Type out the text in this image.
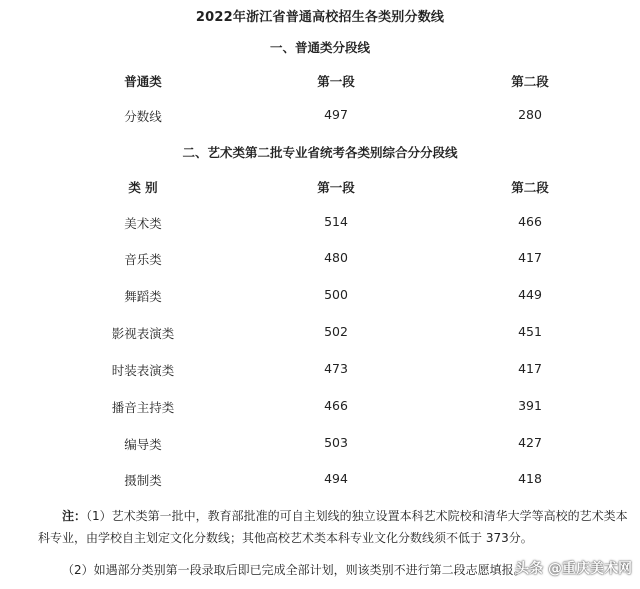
2022年浙江省普通高校招生各类别分数线
一、普通类分段线
普通类	第一段	第二段
分数线	497	280
二、艺术类第二批专业省统考各类别综合分分段线
类 别	第一段	第二段
美术类	514	466
音乐类	480	417
舞蹈类	500	449
影视表演类	502	451
时装表演类	473	417
播音主持类	466	391
编导类	503	427
摄制类	494	418
注：（1）艺术类第一批中，教育部批准的可自主划线的独立设置本科艺术院校和清华大学等高校的艺术类本科专业，由学校自主划定文化分数线；其他高校艺术类本科专业文化分数线须不低于 373分。
（2）如遇部分类别第一段录取后即已完成全部计划，则该类别不进行第二段志愿填报。
头条 @重庆美术网
